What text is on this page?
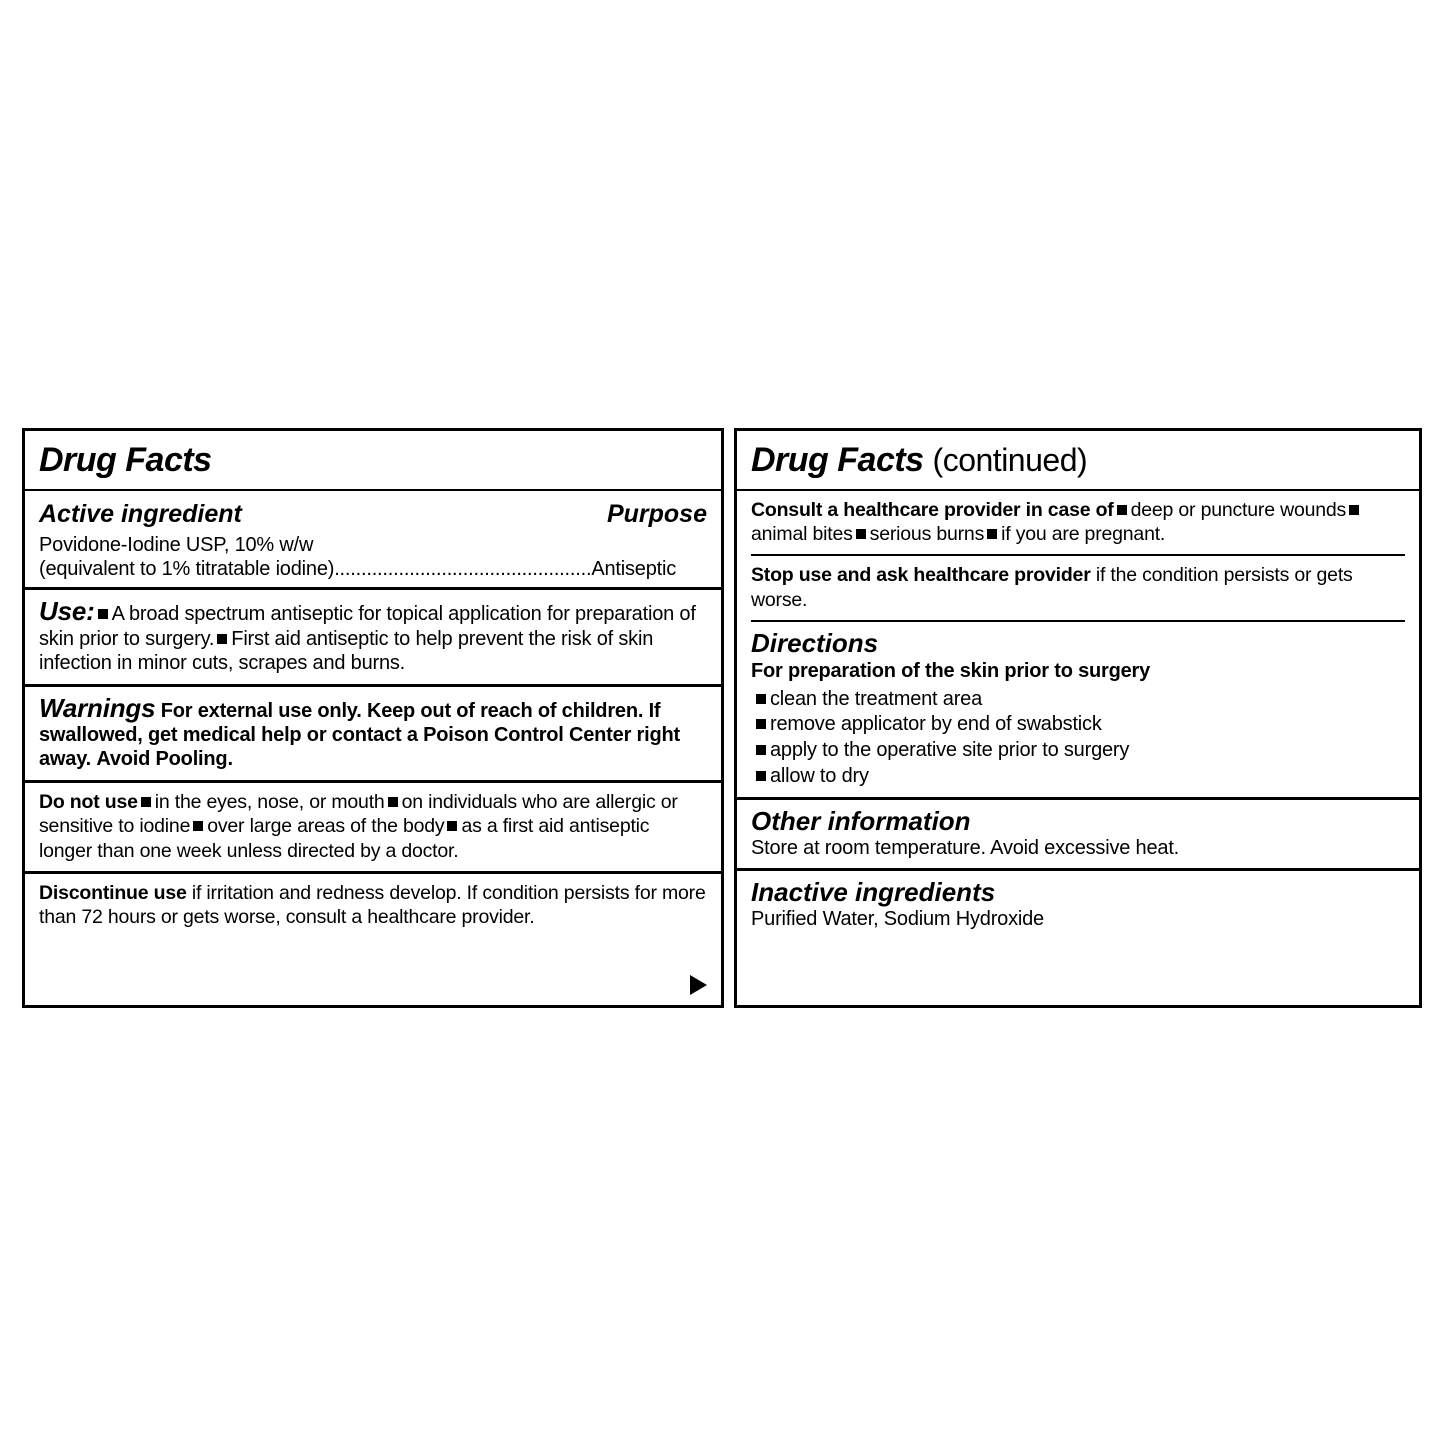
Drug Facts
Active ingredient	Purpose
Povidone-Iodine USP, 10% w/w
(equivalent to 1% titratable iodine)................................................Antiseptic
Use: A broad spectrum antiseptic for topical application for preparation of skin prior to surgery. First aid antiseptic to help prevent the risk of skin infection in minor cuts, scrapes and burns.
Warnings For external use only. Keep out of reach of children. If swallowed, get medical help or contact a Poison Control Center right away. Avoid Pooling.
Do not use in the eyes, nose, or mouth on individuals who are allergic or sensitive to iodine over large areas of the body as a first aid antiseptic longer than one week unless directed by a doctor.
Discontinue use if irritation and redness develop. If condition persists for more than 72 hours or gets worse, consult a healthcare provider.
Drug Facts (continued)
Consult a healthcare provider in case of deep or puncture woundsanimal bites serious burns if you are pregnant.
Stop use and ask healthcare provider if the condition persists or gets worse.
Directions
For preparation of the skin prior to surgery
clean the treatment area
remove applicator by end of swabstick
apply to the operative site prior to surgery
allow to dry
Other information
Store at room temperature. Avoid excessive heat.
Inactive ingredients
Purified Water, Sodium Hydroxide
